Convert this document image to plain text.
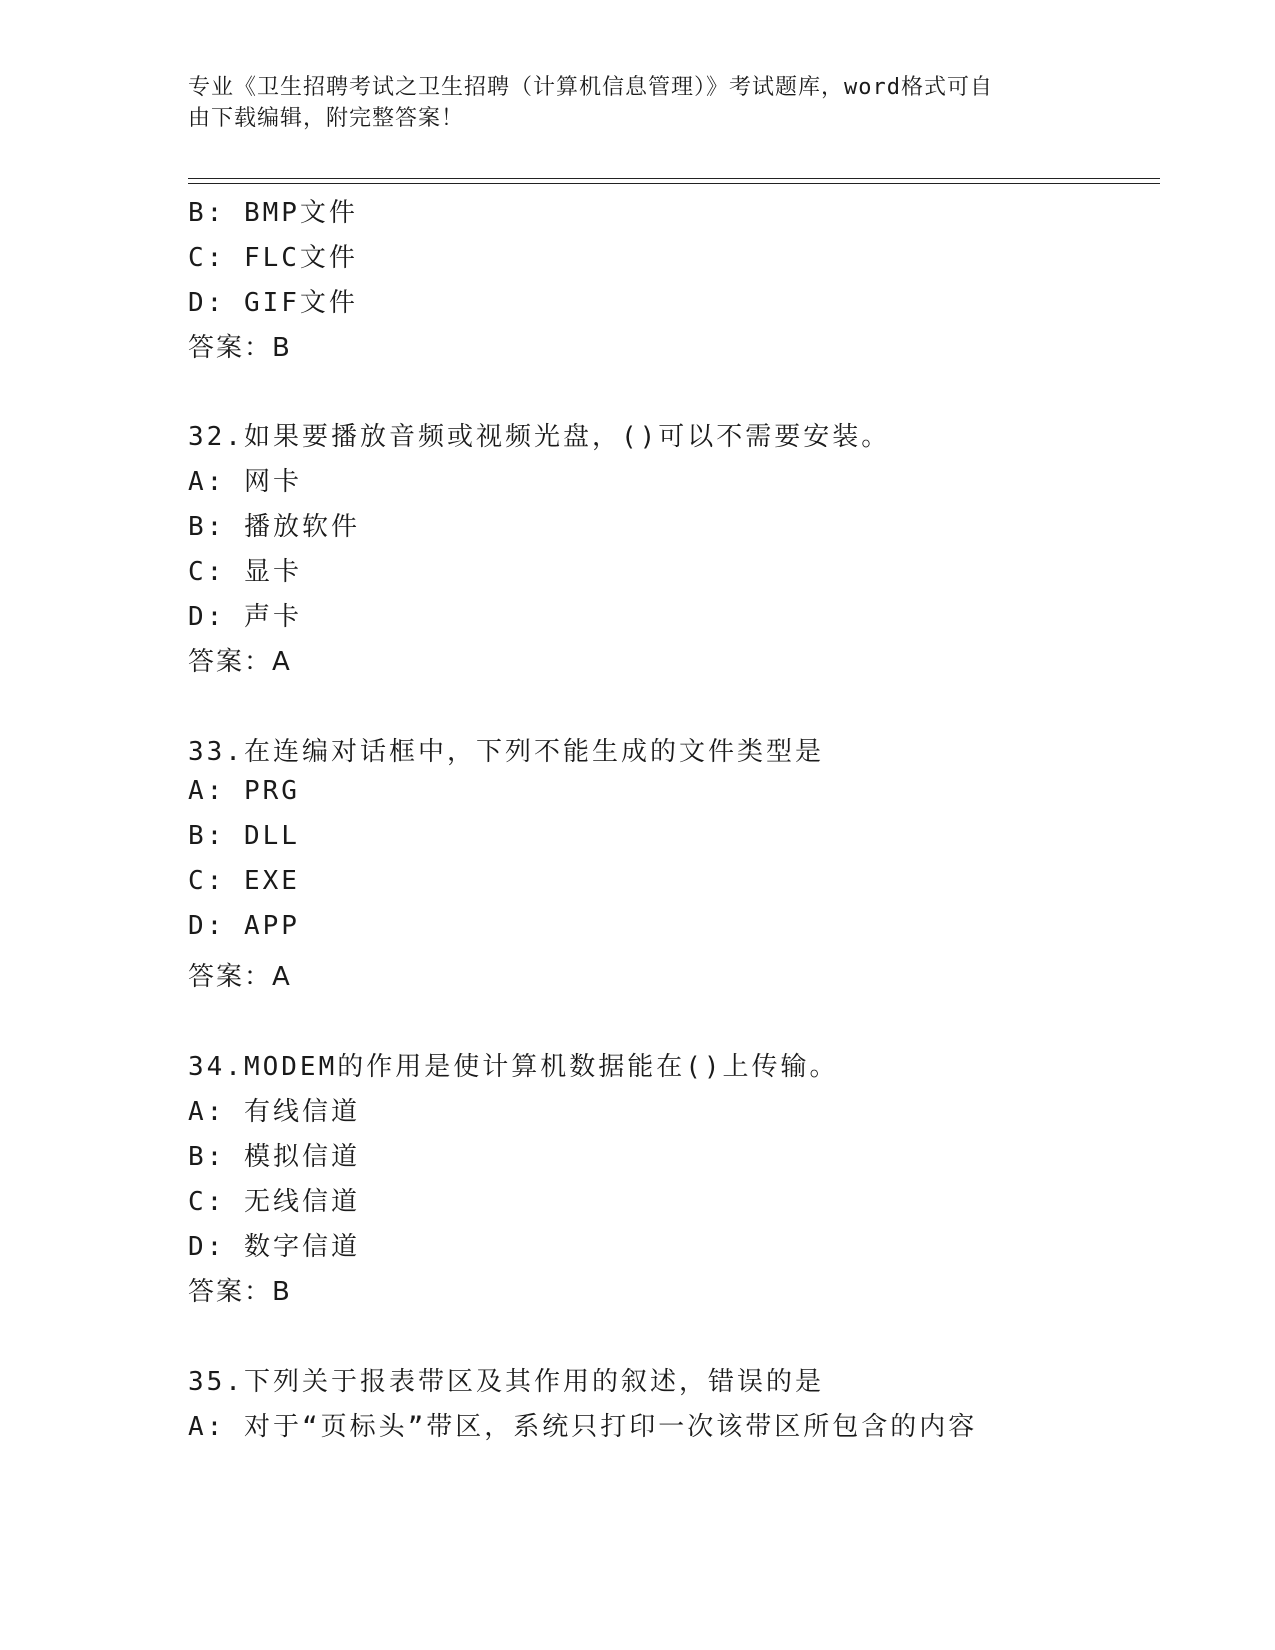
专业《卫生招聘考试之卫生招聘（计算机信息管理）》考试题库，word格式可自
由下载编辑，附完整答案！
B: BMP文件
C: FLC文件
D: GIF文件
答案：B
32.如果要播放音频或视频光盘，()可以不需要安装。
A: 网卡
B: 播放软件
C: 显卡
D: 声卡
答案：A
33.在连编对话框中，下列不能生成的文件类型是
A: PRG
B: DLL
C: EXE
D: APP
答案：A
34.MODEM的作用是使计算机数据能在()上传输。
A: 有线信道
B: 模拟信道
C: 无线信道
D: 数字信道
答案：B
35.下列关于报表带区及其作用的叙述，错误的是
A: 对于“页标头”带区，系统只打印一次该带区所包含的内容
